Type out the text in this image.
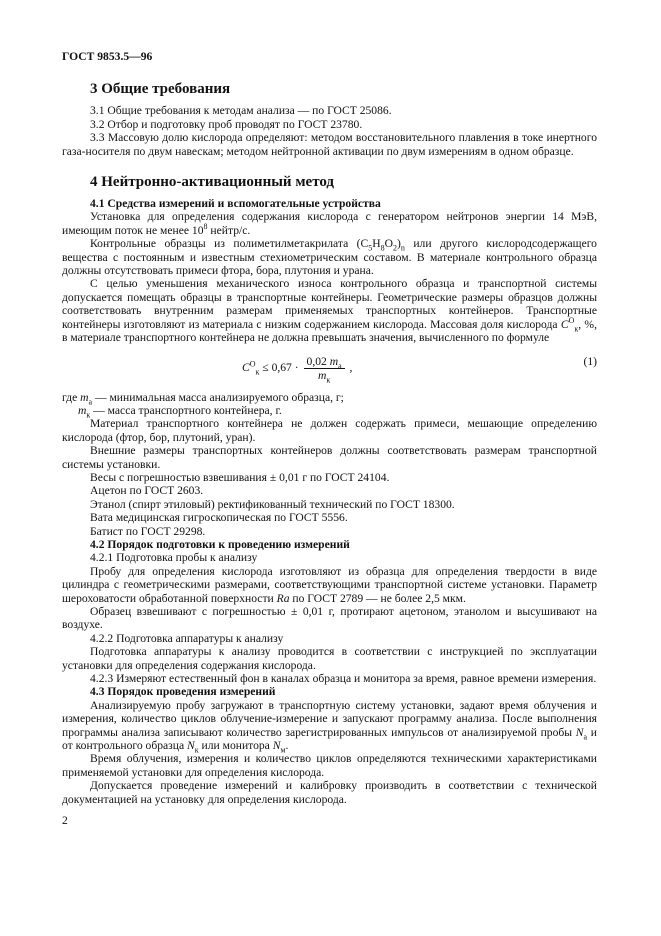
ГОСТ 9853.5—96
3 Общие требования

3.1 Общие требования к методам анализа — по ГОСТ 25086.

3.2 Отбор и подготовку проб проводят по ГОСТ 23780.

3.3 Массовую долю кислорода определяют: методом восстановительного плавления в токе инертного газа-носителя по двум навескам; методом нейтронной активации по двум измерениям в одном образце.

4 Нейтронно-активационный метод
4.1 Средства измерений и вспомогательные устройства

Установка для определения содержания кислорода с генератором нейтронов энергии 14 МэВ, имеющим поток не менее $10^8$ нейтр/с.

Контрольные образцы из полиметилметакрилата $(C_5H_8O_2)_n$ или другого кислородсодержащего вещества с постоянным и известным стехиометрическим составом. В материале контрольного образца должны отсутствовать примеси фтора, бора, плутония и урана.

С целью уменьшения механического износа контрольного образца и транспортной системы допускается помещать образцы в транспортные контейнеры. Геометрические размеры образцов должны соответствовать внутренним размерам применяемых транспортных контейнеров. Транспортные контейнеры изготовляют из материала с низким содержанием кислорода. Массовая доля кислорода $C^O_к$, %, в материале транспортного контейнера не должна превышать значения, вычисленного по формуле

$C^O_к \le 0,67 \cdot \frac{0,02 m_а}{m_к}$ ,	(1)
где $m_а$ — минимальная масса анализируемого образца, г;
$m_к$ — масса транспортного контейнера, г.

Материал транспортного контейнера не должен содержать примеси, мешающие определению кислорода (фтор, бор, плутоний, уран).

Внешние размеры транспортных контейнеров должны соответствовать размерам транспортной системы установки.

Весы с погрешностью взвешивания ± 0,01 г по ГОСТ 24104.

Ацетон по ГОСТ 2603.

Этанол (спирт этиловый) ректификованный технический по ГОСТ 18300.

Вата медицинская гигроскопическая по ГОСТ 5556.

Батист по ГОСТ 29298.

4.2 Порядок подготовки к проведению измерений

4.2.1 Подготовка пробы к анализу

Пробу для определения кислорода изготовляют из образца для определения твердости в виде цилиндра с геометрическими размерами, соответствующими транспортной системе установки. Параметр шероховатости обработанной поверхности Ra по ГОСТ 2789 — не более 2,5 мкм.

Образец взвешивают с погрешностью ± 0,01 г, протирают ацетоном, этанолом и высушивают на воздухе.

4.2.2 Подготовка аппаратуры к анализу

Подготовка аппаратуры к анализу проводится в соответствии с инструкцией по эксплуатации установки для определения содержания кислорода.

4.2.3 Измеряют естественный фон в каналах образца и монитора за время, равное времени измерения.

4.3 Порядок проведения измерений

Анализируемую пробу загружают в транспортную систему установки, задают время облучения и измерения, количество циклов облучение-измерение и запускают программу анализа. После выполнения программы анализа записывают количество зарегистрированных импульсов от анализируемой пробы $N_а$ и от контрольного образца $N_к$ или монитора $N_м$.

Время облучения, измерения и количество циклов определяются техническими характеристиками применяемой установки для определения кислорода.

Допускается проведение измерений и калибровку производить в соответствии с технической документацией на установку для определения кислорода.

2
